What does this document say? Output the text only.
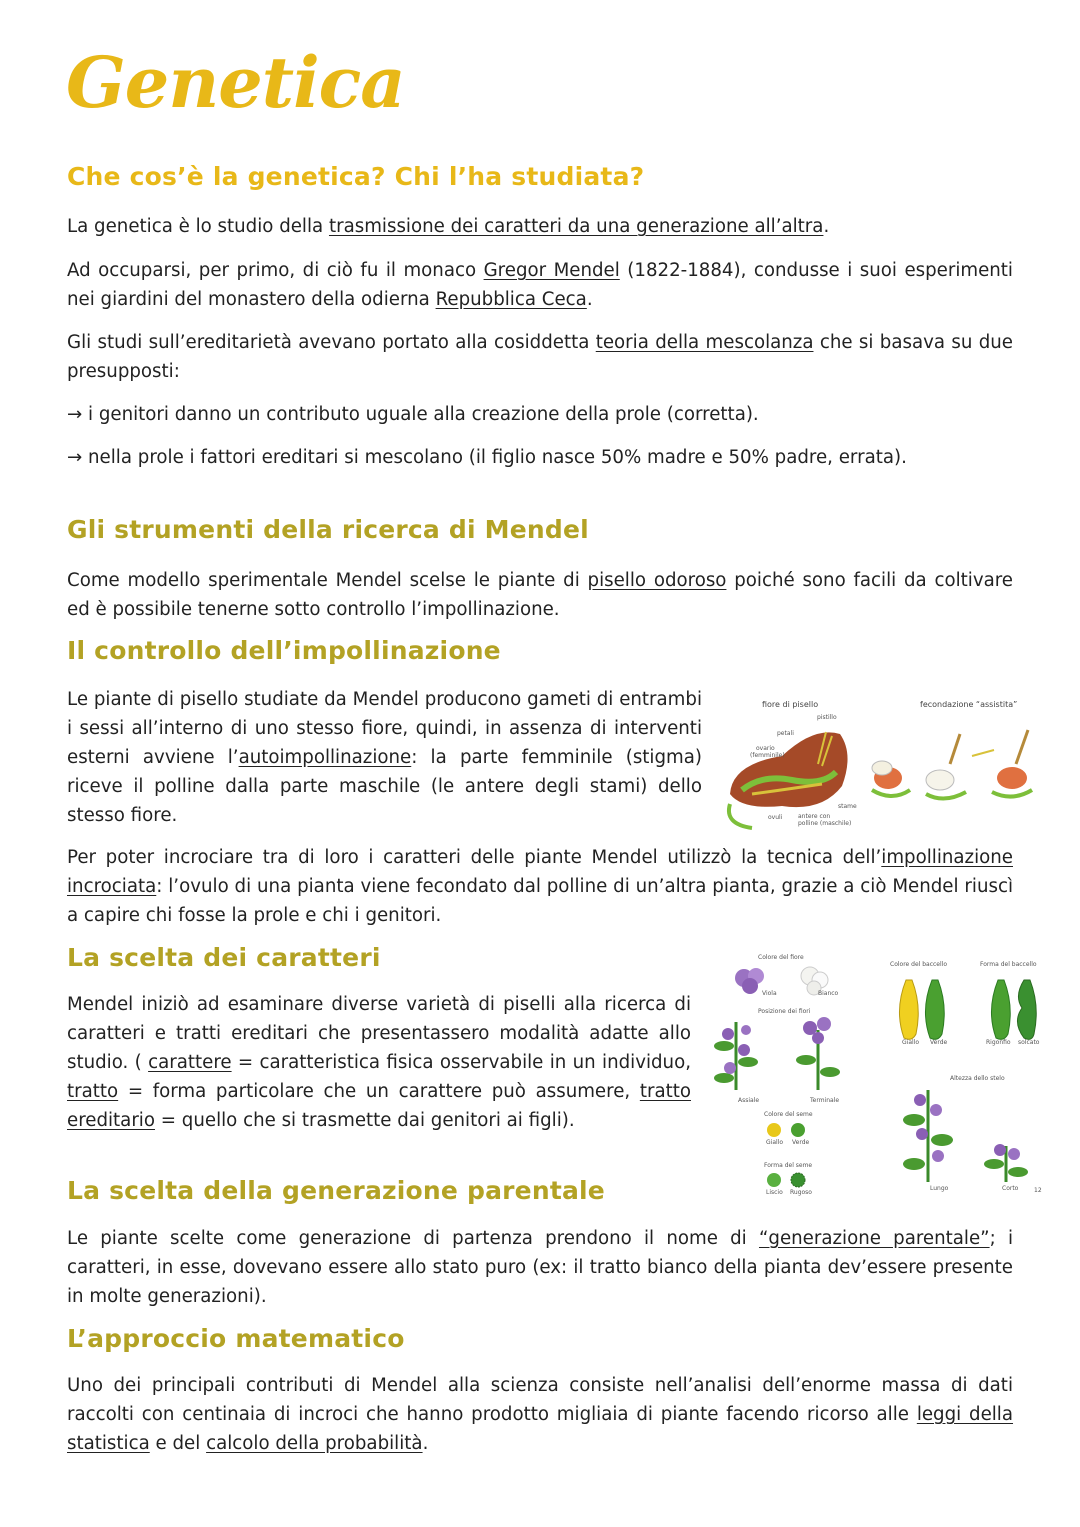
Genetica
Che cos’è la genetica? Chi l’ha studiata?

La genetica è lo studio della trasmissione dei caratteri da una generazione all’altra.

Ad occuparsi, per primo, di ciò fu il monaco Gregor Mendel (1822-1884), condusse i suoi esperimenti nei giardini del monastero della odierna Repubblica Ceca.

Gli studi sull’ereditarietà avevano portato alla cosiddetta teoria della mescolanza che si basava su due presupposti:

→ i genitori danno un contributo uguale alla creazione della prole (corretta).

→ nella prole i fattori ereditari si mescolano (il figlio nasce 50% madre e 50% padre, errata).

Gli strumenti della ricerca di Mendel

Come modello sperimentale Mendel scelse le piante di pisello odoroso poiché sono facili da coltivare ed è possibile tenerne sotto controllo l’impollinazione.

Il controllo dell’impollinazione

Le piante di pisello studiate da Mendel producono gameti di entrambi i sessi all’interno di uno stesso fiore, quindi, in assenza di interventi esterni avviene l’autoimpollinazione: la parte femminile (stigma) riceve il polline dalla parte maschile (le antere degli stami) dello stesso fiore.

fiore di pisello	fecondazione “assistita”
pistillo
petali
ovario
(femminile)
stame
ovuli	antere con
polline (maschile)

Per poter incrociare tra di loro i caratteri delle piante Mendel utilizzò la tecnica dell’impollinazione incrociata: l’ovulo di una pianta viene fecondato dal polline di un’altra pianta, grazie a ciò Mendel riuscì a capire chi fosse la prole e chi i genitori.

La scelta dei caratteri

Mendel iniziò ad esaminare diverse varietà di piselli alla ricerca di caratteri e tratti ereditari che presentassero modalità adatte allo studio. ( carattere = caratteristica fisica osservabile in un individuo, tratto = forma particolare che un carattere può assumere, tratto ereditario = quello che si trasmette dai genitori ai figli).

Colore del fiore
Viola	Bianco
Posizione dei fiori
Assiale	Terminale
Colore del seme
Giallo Verde
Forma del seme
Liscio Rugoso
Colore del baccello
Giallo Verde
Forma del baccello
Rigonfio solcato
Altezza dello stelo
Lungo	Corto	12
La scelta della generazione parentale

Le piante scelte come generazione di partenza prendono il nome di “generazione parentale”; i caratteri, in esse, dovevano essere allo stato puro (ex: il tratto bianco della pianta dev’essere presente in molte generazioni).

L’approccio matematico

Uno dei principali contributi di Mendel alla scienza consiste nell’analisi dell’enorme massa di dati raccolti con centinaia di incroci che hanno prodotto migliaia di piante facendo ricorso alle leggi della statistica e del calcolo della probabilità.
